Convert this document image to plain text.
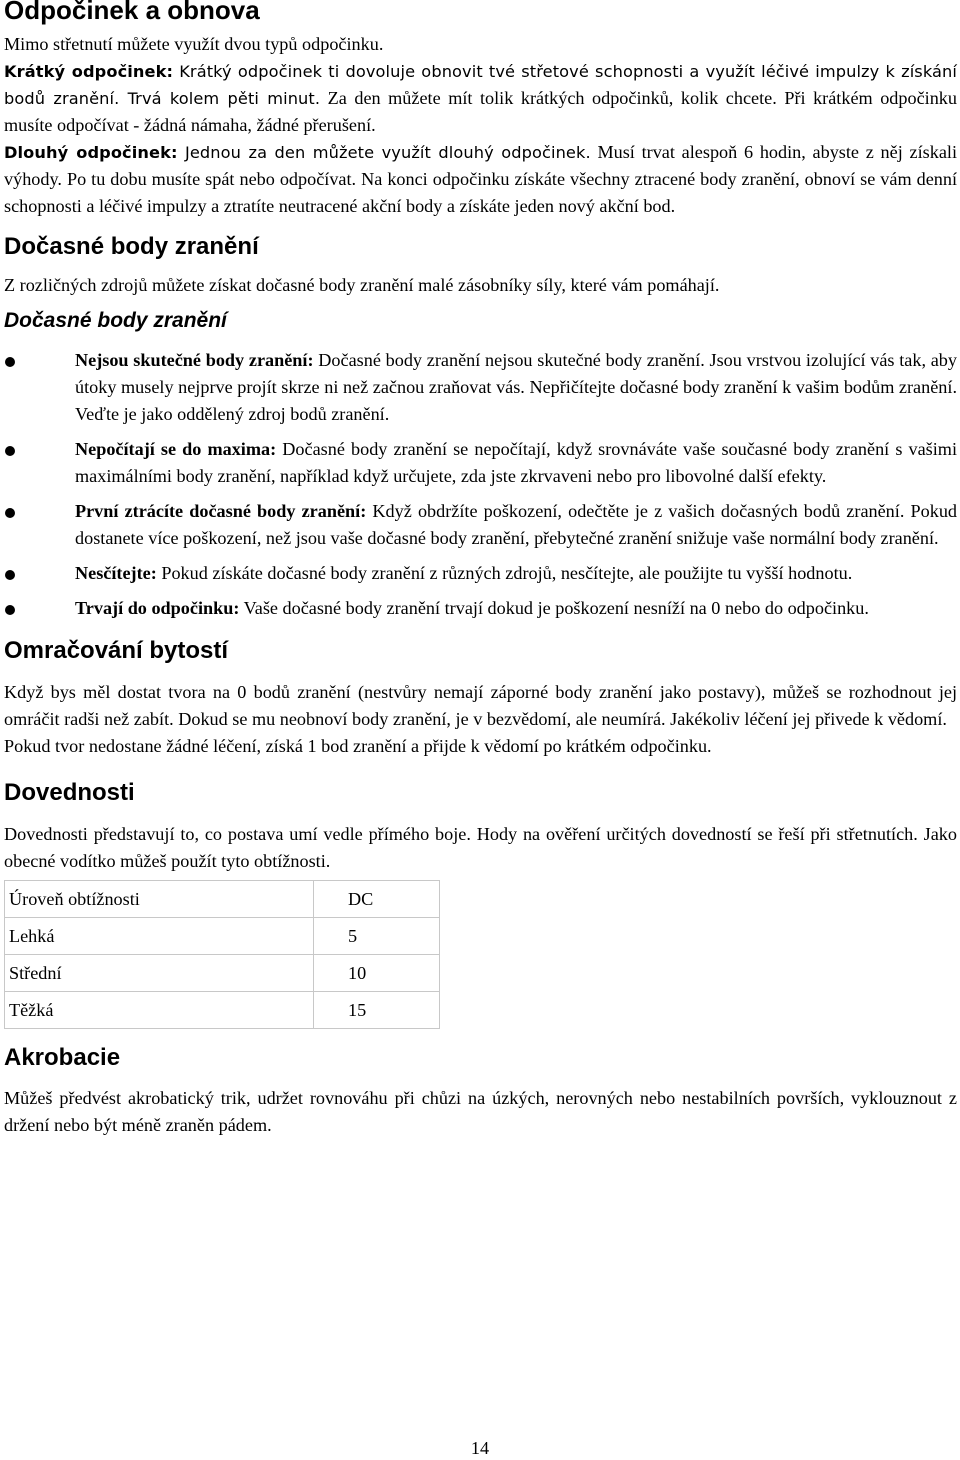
Odpočinek a obnova

Mimo střetnutí můžete využít dvou typů odpočinku.
Krátký odpočinek: Krátký odpočinek ti dovoluje obnovit tvé střetové schopnosti a využít léčivé impulzy k získání bodů zranění. Trvá kolem pěti minut. Za den můžete mít tolik krátkých odpočinků, kolik chcete. Při krátkém odpočinku musíte odpočívat - žádná námaha, žádné přerušení.
Dlouhý odpočinek: Jednou za den můžete využít dlouhý odpočinek. Musí trvat alespoň 6 hodin, abyste z něj získali výhody. Po tu dobu musíte spát nebo odpočívat. Na konci odpočinku získáte všechny ztracené body zranění, obnoví se vám denní schopnosti a léčivé impulzy a ztratíte neutracené akční body a získáte jeden nový akční bod.

Dočasné body zranění

Z rozličných zdrojů můžete získat dočasné body zranění malé zásobníky síly, které vám pomáhají.

Dočasné body zranění
Nejsou skutečné body zranění: Dočasné body zranění nejsou skutečné body zranění. Jsou vrstvou izolující vás tak, aby útoky musely nejprve projít skrze ni než začnou zraňovat vás. Nepřičítejte dočasné body zranění k vašim bodům zranění. Veďte je jako oddělený zdroj bodů zranění.
Nepočítají se do maxima: Dočasné body zranění se nepočítají, když srovnáváte vaše současné body zranění s vašimi maximálními body zranění, například když určujete, zda jste zkrvaveni nebo pro libovolné další efekty.
První ztrácíte dočasné body zranění: Když obdržíte poškození, odečtěte je z vašich dočasných bodů zranění. Pokud dostanete více poškození, než jsou vaše dočasné body zranění, přebytečné zranění snižuje vaše normální body zranění.
Nesčítejte: Pokud získáte dočasné body zranění z různých zdrojů, nesčítejte, ale použijte tu vyšší hodnotu.
Trvají do odpočinku: Vaše dočasné body zranění trvají dokud je poškození nesníží na 0 nebo do odpočinku.
Omračování bytostí

Když bys měl dostat tvora na 0 bodů zranění (nestvůry nemají záporné body zranění jako postavy), můžeš se rozhodnout jej omráčit radši než zabít. Dokud se mu neobnoví body zranění, je v bezvědomí, ale neumírá. Jakékoliv léčení jej přivede k vědomí.

Pokud tvor nedostane žádné léčení, získá 1 bod zranění a přijde k vědomí po krátkém odpočinku.

Dovednosti

Dovednosti představují to, co postava umí vedle přímého boje. Hody na ověření určitých dovedností se řeší při střetnutích. Jako obecné vodítko můžeš použít tyto obtížnosti.

Úroveň obtížnosti	DC
Lehká	5
Střední	10
Těžká	15
Akrobacie

Můžeš předvést akrobatický trik, udržet rovnováhu při chůzi na úzkých, nerovných nebo nestabilních površích, vyklouznout z držení nebo být méně zraněn pádem.

14
